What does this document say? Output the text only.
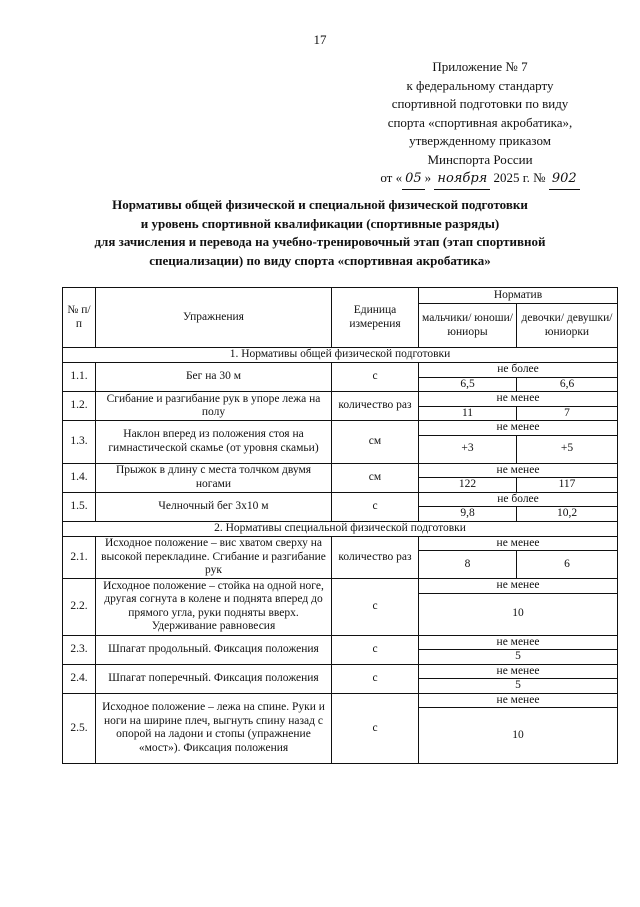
17
Приложение № 7
к федеральному стандарту
спортивной подготовки по виду
спорта «спортивная акробатика»,
утвержденному приказом
Минспорта России
от « 05 » ноября 2025 г. № 902
Нормативы общей физической и специальной физической подготовки
и уровень спортивной квалификации (спортивные разряды)
для зачисления и перевода на учебно-тренировочный этап (этап спортивной
специализации) по виду спорта «спортивная акробатика»
№ п/п	Упражнения	Единица измерения	Норматив	
			мальчики/ юноши/ юниоры	девочки/ девушки/ юниорки
1. Нормативы общей физической подготовки				
1.1.	Бег на 30 м	с	не более	
			6,5	6,6
1.2.	Сгибание и разгибание рук в упоре лежа на полу	количество раз	не менее	
			11	7
1.3.	Наклон вперед из положения стоя на гимнастической скамье (от уровня скамьи)	см	не менее	
			+3	+5
1.4.	Прыжок в длину с места толчком двумя ногами	см	не менее	
			122	117
1.5.	Челночный бег 3х10 м	с	не более	
			9,8	10,2
2. Нормативы специальной физической подготовки				
2.1.	Исходное положение – вис хватом сверху на высокой перекладине. Сгибание и разгибание рук	количество раз	не менее	
			8	6
2.2.	Исходное положение – стойка на одной ноге, другая согнута в колене и поднята вперед до прямого угла, руки подняты вверх. Удерживание равновесия	с	не менее	
			10	
2.3.	Шпагат продольный. Фиксация положения	с	не менее	
			5	
2.4.	Шпагат поперечный. Фиксация положения	с	не менее	
			5	
2.5.	Исходное положение – лежа на спине. Руки и ноги на ширине плеч, выгнуть спину назад с опорой на ладони и стопы (упражнение «мост»). Фиксация положения	с	не менее	
			10	
